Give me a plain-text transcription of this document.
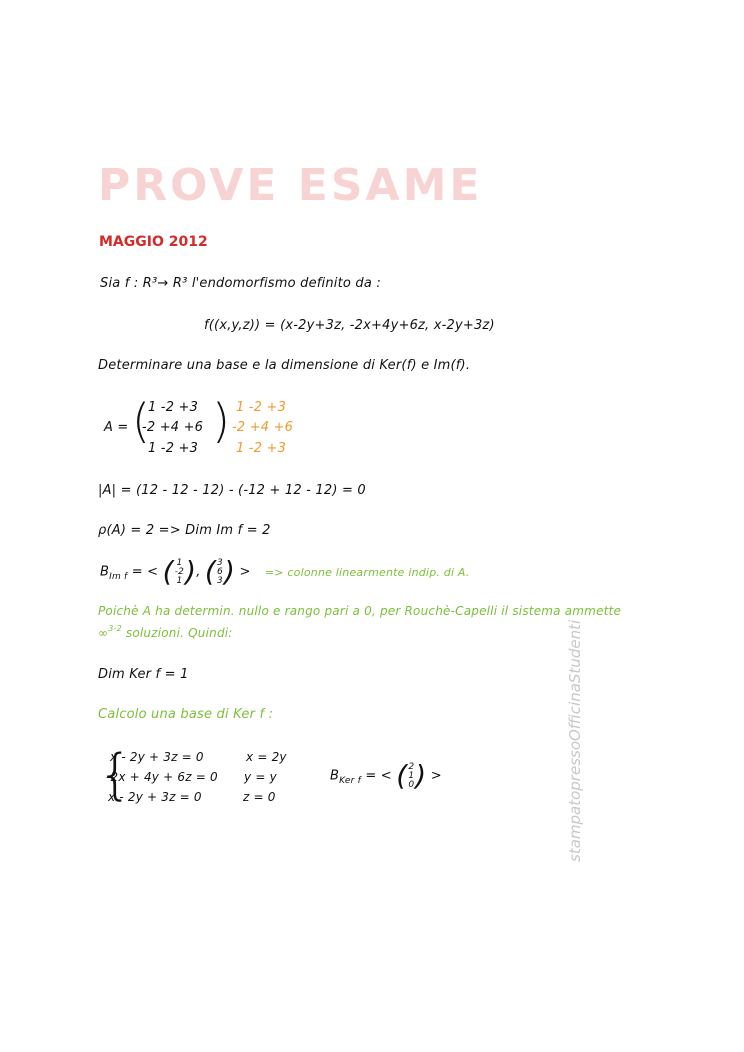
PROVE ESAME
MAGGIO 2012
Sia f : R³→ R³ l'endomorfismo definito da :
f((x,y,z)) = (x-2y+3z, -2x+4y+6z, x-2y+3z)
Determinare una base e la dimensione di Ker(f) e Im(f).
A = (
1 -2 +3
-2 +4 +6
1 -2 +3
) 1 -2 +3
-2 +4 +6
1 -2 +3
|A| = (12 - 12 - 12) - (-12 + 12 - 12) = 0
ρ(A) = 2 => Dim Im f = 2
$B_{Im f}$ = < ( 1
-2
1), (3
6
3) > => colonne linearmente indip. di A.
Poichè A ha determin. nullo e rango pari a 0, per Rouchè-Capelli il sistema ammette
∞$^{3-2}$ soluzioni. Quindi:
Dim Ker f = 1
Calcolo una base di Ker f :
{
x - 2y + 3z = 0
-2x + 4y + 6z = 0
x - 2y + 3z = 0
x = 2y
y = y
z = 0
$B_{Ker f}$ = < (2
1
0) >	stampatopressoOfficinaStudenti
